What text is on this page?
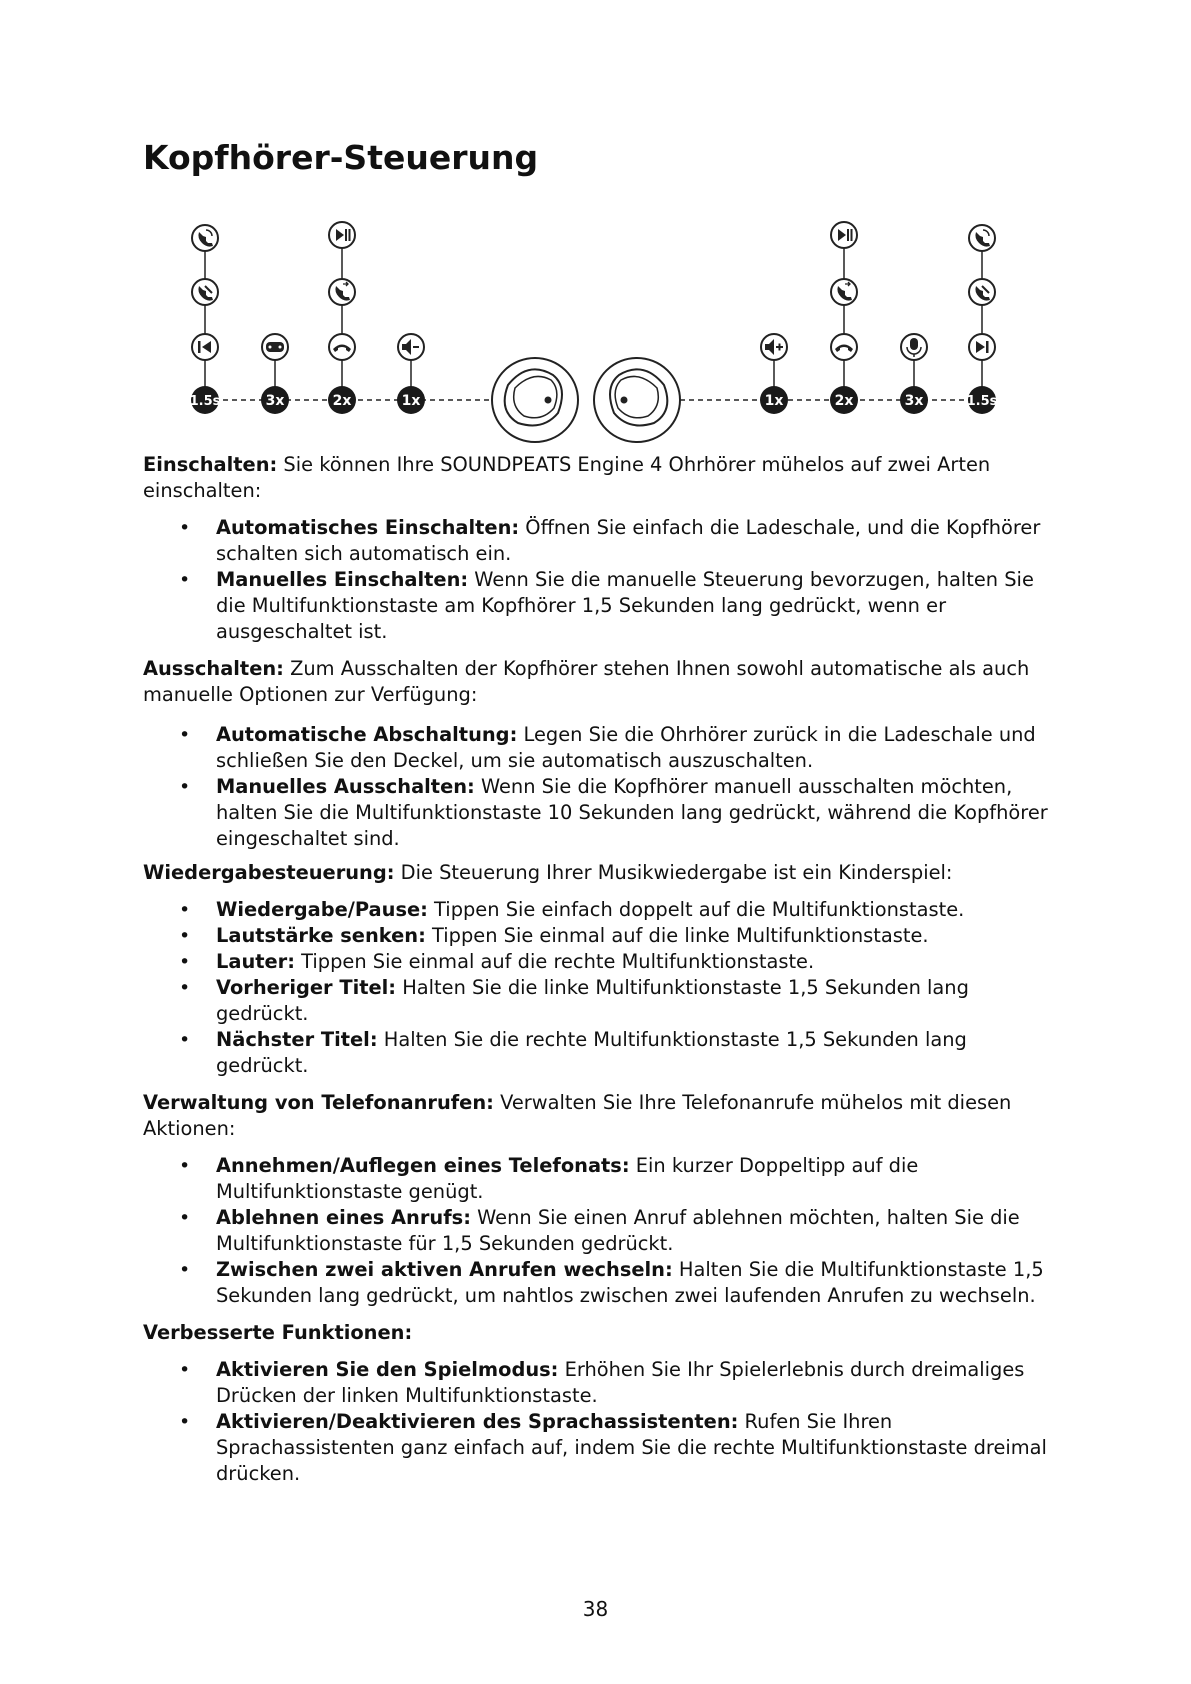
Kopfhörer-Steuerung
1.5s	3x	2x	1x	1x	2x	3x	1.5s

Einschalten: Sie können Ihre SOUNDPEATS Engine 4 Ohrhörer mühelos auf zwei Arten einschalten:

• Automatisches Einschalten: Öffnen Sie einfach die Ladeschale, und die Kopfhörer schalten sich automatisch ein.
• Manuelles Einschalten: Wenn Sie die manuelle Steuerung bevorzugen, halten Sie die Multifunktionstaste am Kopfhörer 1,5 Sekunden lang gedrückt, wenn er ausgeschaltet ist.

Ausschalten: Zum Ausschalten der Kopfhörer stehen Ihnen sowohl automatische als auch manuelle Optionen zur Verfügung:

• Automatische Abschaltung: Legen Sie die Ohrhörer zurück in die Ladeschale und schließen Sie den Deckel, um sie automatisch auszuschalten.
• Manuelles Ausschalten: Wenn Sie die Kopfhörer manuell ausschalten möchten, halten Sie die Multifunktionstaste 10 Sekunden lang gedrückt, während die Kopfhörer eingeschaltet sind.

Wiedergabesteuerung: Die Steuerung Ihrer Musikwiedergabe ist ein Kinderspiel:

• Wiedergabe/Pause: Tippen Sie einfach doppelt auf die Multifunktionstaste.
• Lautstärke senken: Tippen Sie einmal auf die linke Multifunktionstaste.
• Lauter: Tippen Sie einmal auf die rechte Multifunktionstaste.
• Vorheriger Titel: Halten Sie die linke Multifunktionstaste 1,5 Sekunden lang gedrückt.
• Nächster Titel: Halten Sie die rechte Multifunktionstaste 1,5 Sekunden lang gedrückt.

Verwaltung von Telefonanrufen: Verwalten Sie Ihre Telefonanrufe mühelos mit diesen Aktionen:

• Annehmen/Auflegen eines Telefonats: Ein kurzer Doppeltipp auf die Multifunktionstaste genügt.
• Ablehnen eines Anrufs: Wenn Sie einen Anruf ablehnen möchten, halten Sie die Multifunktionstaste für 1,5 Sekunden gedrückt.
• Zwischen zwei aktiven Anrufen wechseln: Halten Sie die Multifunktionstaste 1,5 Sekunden lang gedrückt, um nahtlos zwischen zwei laufenden Anrufen zu wechseln.

Verbesserte Funktionen:

• Aktivieren Sie den Spielmodus: Erhöhen Sie Ihr Spielerlebnis durch dreimaliges Drücken der linken Multifunktionstaste.
• Aktivieren/Deaktivieren des Sprachassistenten: Rufen Sie Ihren Sprachassistenten ganz einfach auf, indem Sie die rechte Multifunktionstaste dreimal drücken.
38
